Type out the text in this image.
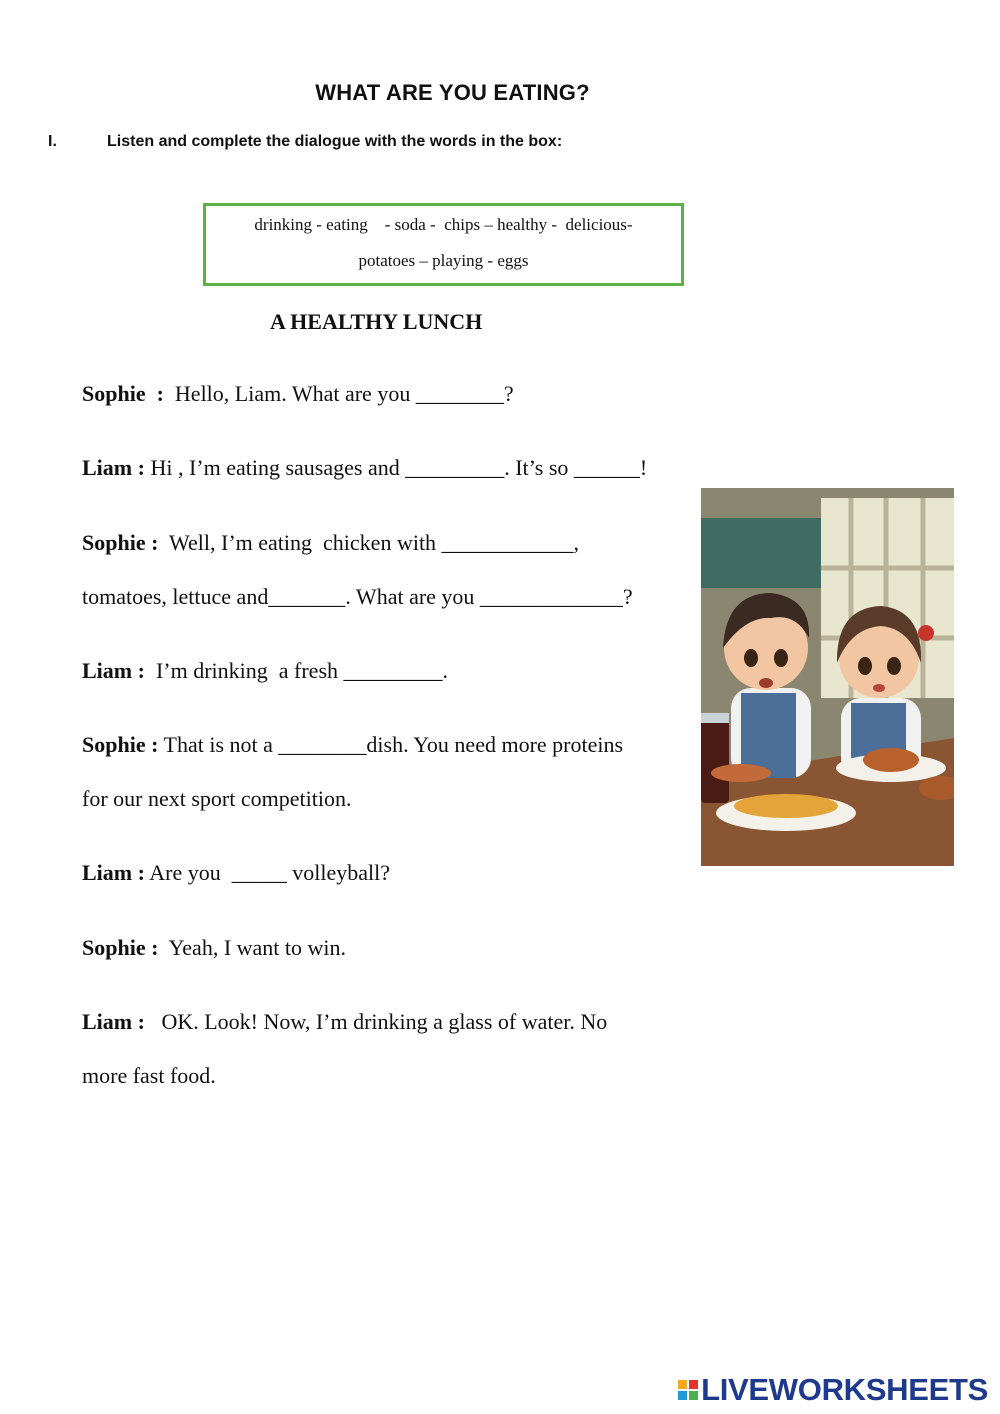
WHAT ARE YOU EATING?
I.	Listen and complete the dialogue with the words in the box:
drinking - eating    - soda -  chips – healthy -  delicious-
potatoes – playing - eggs
A HEALTHY LUNCH
Sophie  :  Hello, Liam. What are you ________?
Liam : Hi , I’m eating sausages and _________. It’s so ______!
Sophie :  Well, I’m eating  chicken with ____________,
tomatoes, lettuce and_______. What are you _____________?
Liam :  I’m drinking  a fresh _________.
Sophie : That is not a ________dish. You need more proteins
for our next sport competition.
Liam : Are you  _____ volleyball?
Sophie :  Yeah, I want to win.
Liam :   OK. Look! Now, I’m drinking a glass of water. No
more fast food.
LIVEWORKSHEETS
